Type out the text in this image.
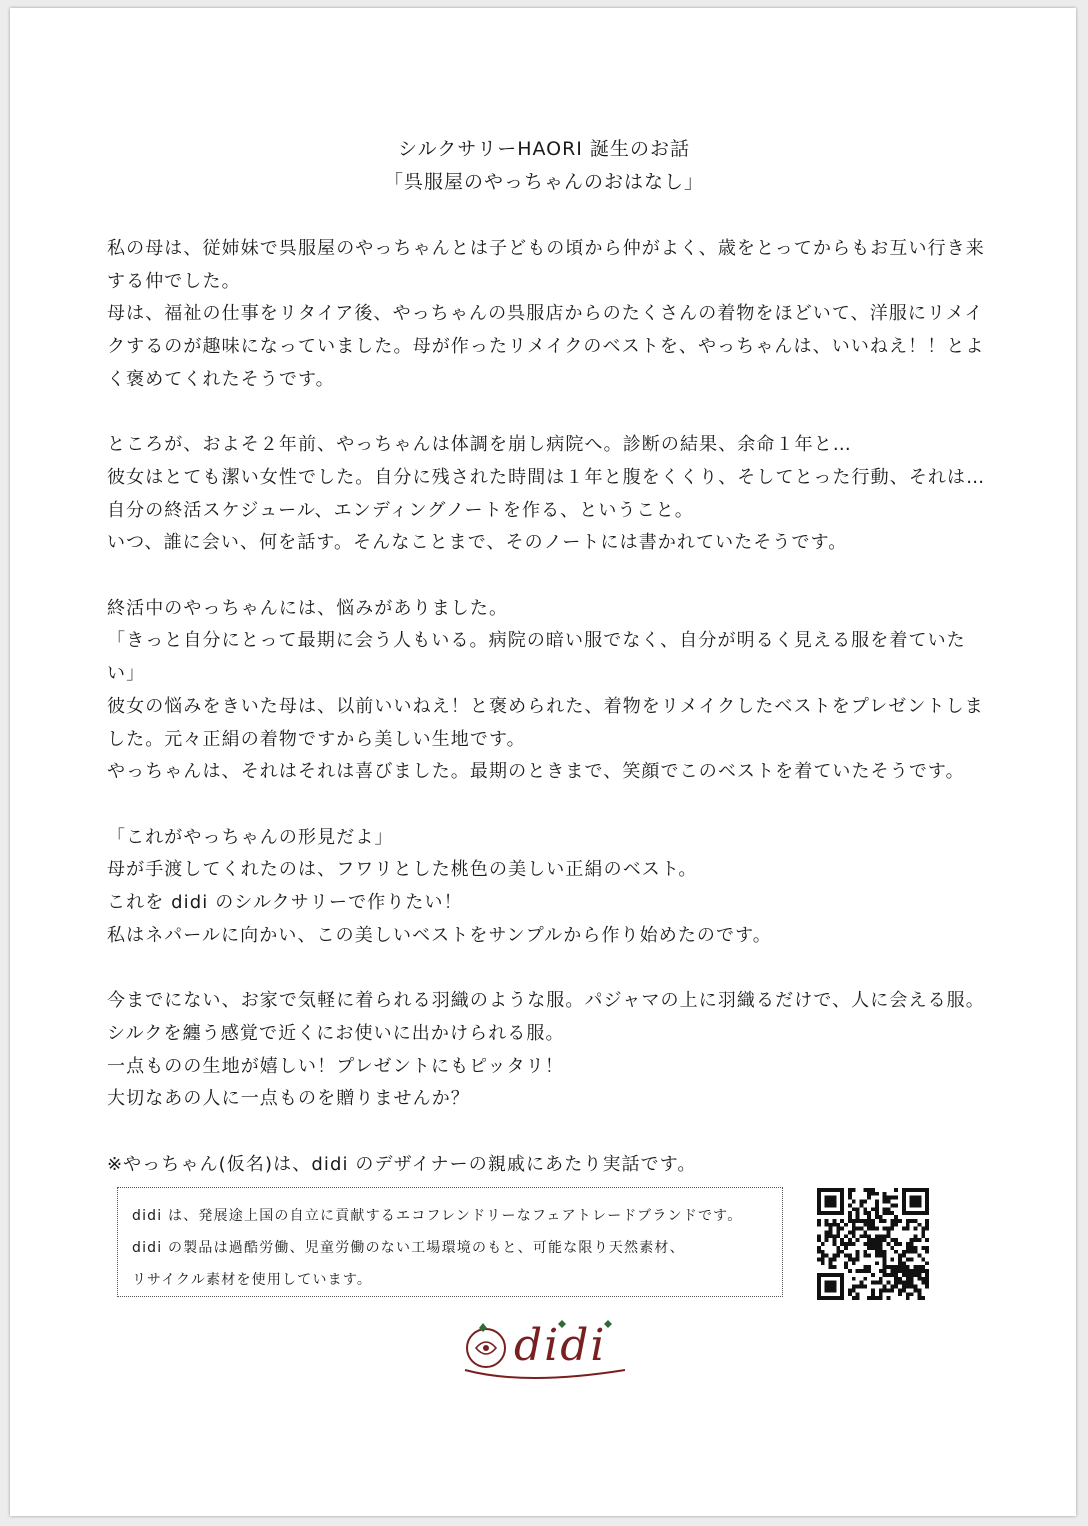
シルクサリーHAORI 誕生のお話
「呉服屋のやっちゃんのおはなし」

私の母は、従姉妹で呉服屋のやっちゃんとは子どもの頃から仲がよく、歳をとってからもお互い行き来
する仲でした。
母は、福祉の仕事をリタイア後、やっちゃんの呉服店からのたくさんの着物をほどいて、洋服にリメイ
クするのが趣味になっていました。母が作ったリメイクのベストを、やっちゃんは、いいねえ！！とよ
く褒めてくれたそうです。

ところが、およそ２年前、やっちゃんは体調を崩し病院へ。診断の結果、余命１年と…
彼女はとても潔い女性でした。自分に残された時間は１年と腹をくくり、そしてとった行動、それは…
自分の終活スケジュール、エンディングノートを作る、ということ。
いつ、誰に会い、何を話す。そんなことまで、そのノートには書かれていたそうです。

終活中のやっちゃんには、悩みがありました。
「きっと自分にとって最期に会う人もいる。病院の暗い服でなく、自分が明るく見える服を着ていた
い」
彼女の悩みをきいた母は、以前いいねえ！と褒められた、着物をリメイクしたベストをプレゼントしま
した。元々正絹の着物ですから美しい生地です。
やっちゃんは、それはそれは喜びました。最期のときまで、笑顔でこのベストを着ていたそうです。

「これがやっちゃんの形見だよ」
母が手渡してくれたのは、フワリとした桃色の美しい正絹のベスト。
これを didi のシルクサリーで作りたい！
私はネパールに向かい、この美しいベストをサンプルから作り始めたのです。

今までにない、お家で気軽に着られる羽織のような服。パジャマの上に羽織るだけで、人に会える服。
シルクを纏う感覚で近くにお使いに出かけられる服。
一点ものの生地が嬉しい！プレゼントにもピッタリ！
大切なあの人に一点ものを贈りませんか？

※やっちゃん(仮名)は、didi のデザイナーの親戚にあたり実話です。

didi は、発展途上国の自立に貢献するエコフレンドリーなフェアトレードブランドです。
didi の製品は過酷労働、児童労働のない工場環境のもと、可能な限り天然素材、
リサイクル素材を使用しています。
didi
